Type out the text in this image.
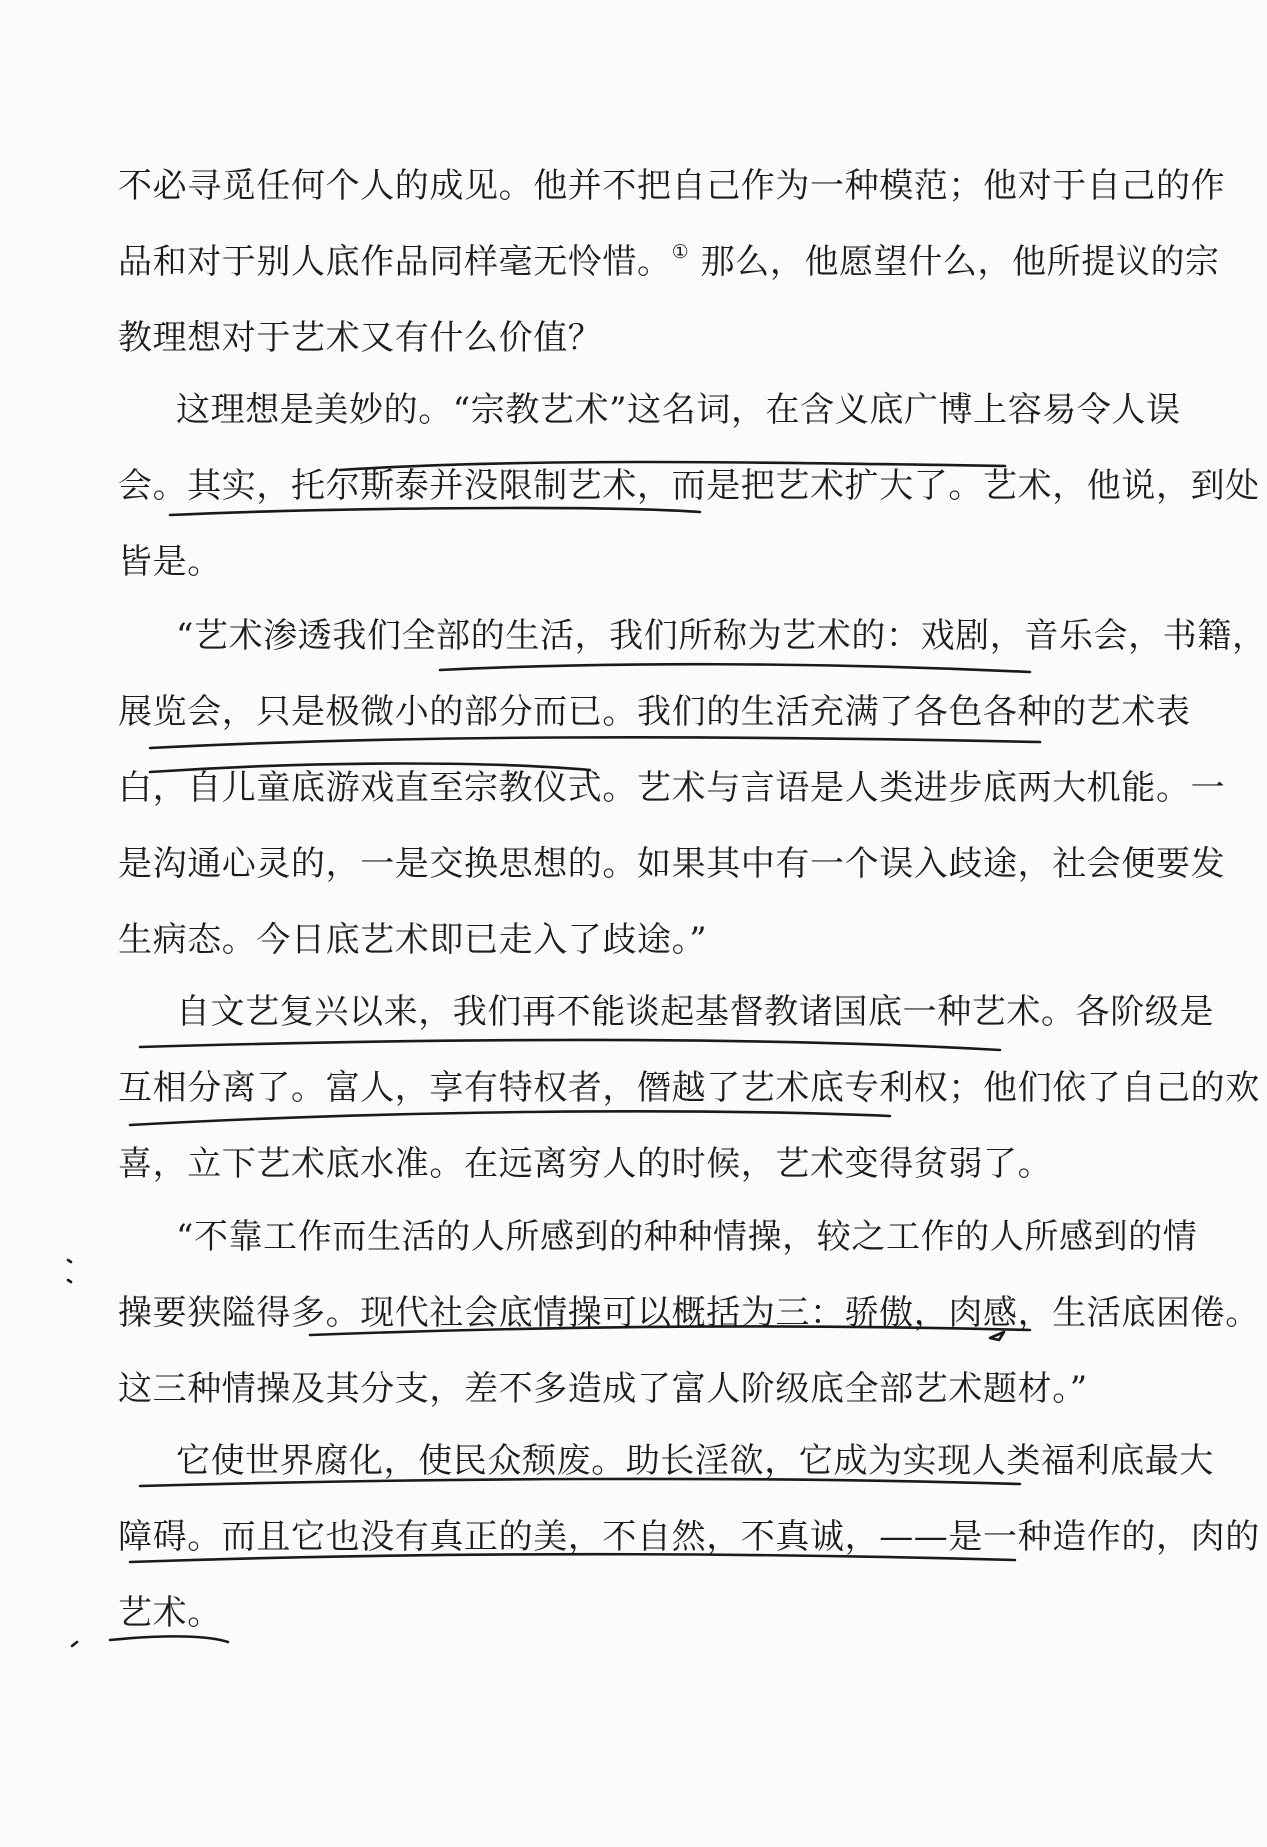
不必寻觅任何个人的成见。他并不把自己作为一种模范；他对于自己的作
品和对于别人底作品同样毫无怜惜。① 那么，他愿望什么，他所提议的宗
教理想对于艺术又有什么价值？
这理想是美妙的。“宗教艺术”这名词，在含义底广博上容易令人误
会。其实，托尔斯泰并没限制艺术，而是把艺术扩大了。艺术，他说，到处
皆是。
“艺术渗透我们全部的生活，我们所称为艺术的：戏剧，音乐会，书籍，
展览会，只是极微小的部分而已。我们的生活充满了各色各种的艺术表
白，自儿童底游戏直至宗教仪式。艺术与言语是人类进步底两大机能。一
是沟通心灵的，一是交换思想的。如果其中有一个误入歧途，社会便要发
生病态。今日底艺术即已走入了歧途。”
自文艺复兴以来，我们再不能谈起基督教诸国底一种艺术。各阶级是
互相分离了。富人，享有特权者，僭越了艺术底专利权；他们依了自己的欢
喜，立下艺术底水准。在远离穷人的时候，艺术变得贫弱了。
“不靠工作而生活的人所感到的种种情操，较之工作的人所感到的情
操要狭隘得多。现代社会底情操可以概括为三：骄傲，肉感，生活底困倦。
这三种情操及其分支，差不多造成了富人阶级底全部艺术题材。”
它使世界腐化，使民众颓废。助长淫欲，它成为实现人类福利底最大
障碍。而且它也没有真正的美，不自然，不真诚，——是一种造作的，肉的
艺术。
